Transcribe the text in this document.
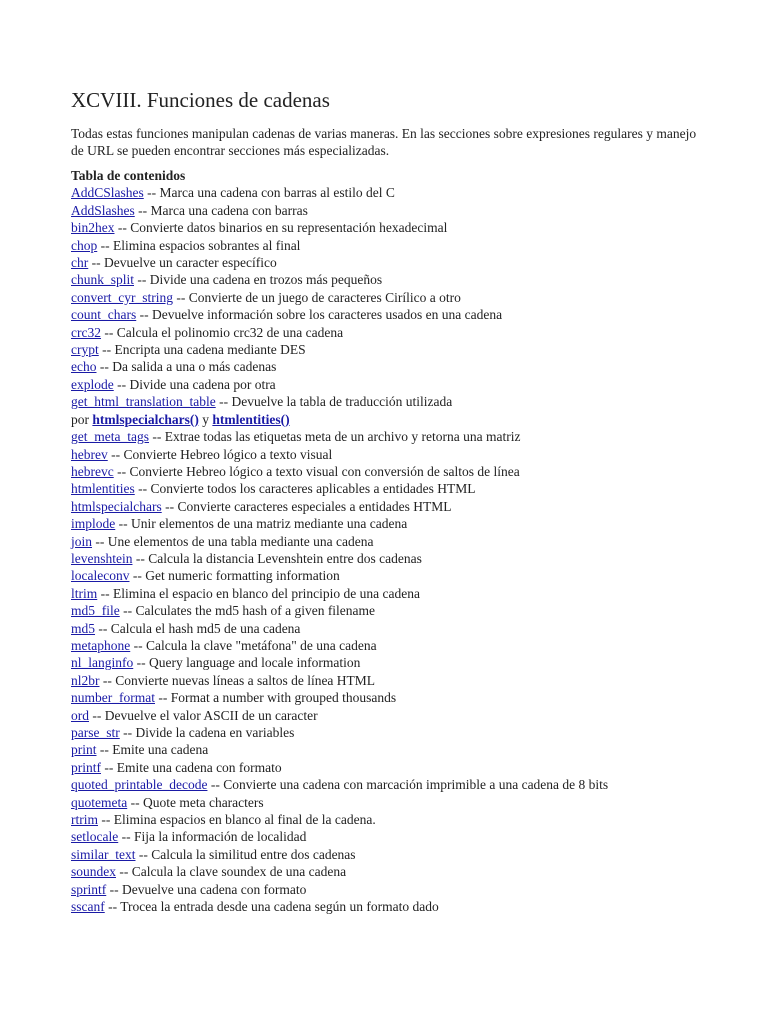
XCVIII. Funciones de cadenas

Todas estas funciones manipulan cadenas de varias maneras. En las secciones sobre expresiones regulares y manejo de URL se pueden encontrar secciones más especializadas.

Tabla de contenidos
AddCSlashes -- Marca una cadena con barras al estilo del C
AddSlashes -- Marca una cadena con barras
bin2hex -- Convierte datos binarios en su representación hexadecimal
chop -- Elimina espacios sobrantes al final
chr -- Devuelve un caracter específico
chunk_split -- Divide una cadena en trozos más pequeños
convert_cyr_string -- Convierte de un juego de caracteres Cirílico a otro
count_chars -- Devuelve información sobre los caracteres usados en una cadena
crc32 -- Calcula el polinomio crc32 de una cadena
crypt -- Encripta una cadena mediante DES
echo -- Da salida a una o más cadenas
explode -- Divide una cadena por otra
get_html_translation_table -- Devuelve la tabla de traducción utilizada
por htmlspecialchars() y htmlentities()
get_meta_tags -- Extrae todas las etiquetas meta de un archivo y retorna una matriz
hebrev -- Convierte Hebreo lógico a texto visual
hebrevc -- Convierte Hebreo lógico a texto visual con conversión de saltos de línea
htmlentities -- Convierte todos los caracteres aplicables a entidades HTML
htmlspecialchars -- Convierte caracteres especiales a entidades HTML
implode -- Unir elementos de una matriz mediante una cadena
join -- Une elementos de una tabla mediante una cadena
levenshtein -- Calcula la distancia Levenshtein entre dos cadenas
localeconv -- Get numeric formatting information
ltrim -- Elimina el espacio en blanco del principio de una cadena
md5_file -- Calculates the md5 hash of a given filename
md5 -- Calcula el hash md5 de una cadena
metaphone -- Calcula la clave "metáfona" de una cadena
nl_langinfo -- Query language and locale information
nl2br -- Convierte nuevas líneas a saltos de línea HTML
number_format -- Format a number with grouped thousands
ord -- Devuelve el valor ASCII de un caracter
parse_str -- Divide la cadena en variables
print -- Emite una cadena
printf -- Emite una cadena con formato
quoted_printable_decode -- Convierte una cadena con marcación imprimible a una cadena de 8 bits
quotemeta -- Quote meta characters
rtrim -- Elimina espacios en blanco al final de la cadena.
setlocale -- Fija la información de localidad
similar_text -- Calcula la similitud entre dos cadenas
soundex -- Calcula la clave soundex de una cadena
sprintf -- Devuelve una cadena con formato
sscanf -- Trocea la entrada desde una cadena según un formato dado
